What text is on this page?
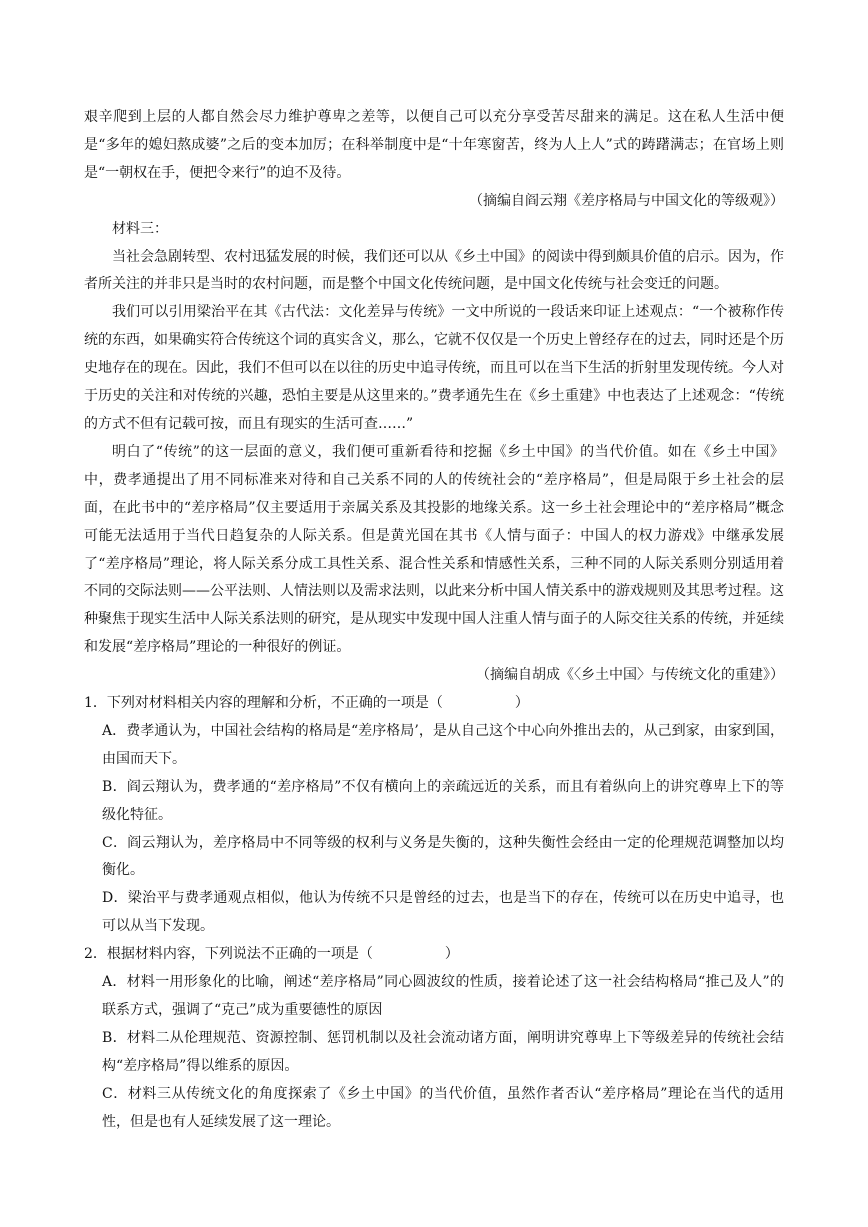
艰辛爬到上层的人都自然会尽力维护尊卑之差等，以便自己可以充分享受苦尽甜来的满足。这在私人生活中便是“多年的媳妇熬成婆”之后的变本加厉；在科举制度中是“十年寒窗苦，终为人上人”式的踌躇满志；在官场上则是“一朝权在手，便把令来行”的迫不及待。

（摘编自阎云翔《差序格局与中国文化的等级观》）

材料三：

当社会急剧转型、农村迅猛发展的时候，我们还可以从《乡土中国》的阅读中得到颇具价值的启示。因为，作者所关注的并非只是当时的农村问题，而是整个中国文化传统问题，是中国文化传统与社会变迁的问题。

我们可以引用梁治平在其《古代法：文化差异与传统》一文中所说的一段话来印证上述观点：“一个被称作传统的东西，如果确实符合传统这个词的真实含义，那么，它就不仅仅是一个历史上曾经存在的过去，同时还是个历史地存在的现在。因此，我们不但可以在以往的历史中追寻传统，而且可以在当下生活的折射里发现传统。今人对于历史的关注和对传统的兴趣，恐怕主要是从这里来的。”费孝通先生在《乡土重建》中也表达了上述观念：“传统的方式不但有记载可按，而且有现实的生活可查……”

明白了“传统”的这一层面的意义，我们便可重新看待和挖掘《乡土中国》的当代价值。如在《乡土中国》中，费孝通提出了用不同标准来对待和自己关系不同的人的传统社会的“差序格局”，但是局限于乡土社会的层面，在此书中的“差序格局”仅主要适用于亲属关系及其投影的地缘关系。这一乡土社会理论中的“差序格局”概念可能无法适用于当代日趋复杂的人际关系。但是黄光国在其书《人情与面子：中国人的权力游戏》中继承发展了“差序格局”理论，将人际关系分成工具性关系、混合性关系和情感性关系，三种不同的人际关系则分别适用着不同的交际法则——公平法则、人情法则以及需求法则，以此来分析中国人情关系中的游戏规则及其思考过程。这种聚焦于现实生活中人际关系法则的研究，是从现实中发现中国人注重人情与面子的人际交往关系的传统，并延续和发展“差序格局”理论的一种很好的例证。

（摘编自胡成《〈乡土中国〉与传统文化的重建》）

1．下列对材料相关内容的理解和分析，不正确的一项是（	）

A．费孝通认为，中国社会结构的格局是“差序格局’，是从自己这个中心向外推出去的，从己到家，由家到国，由国而天下。

B．阎云翔认为，费孝通的“差序格局”不仅有横向上的亲疏远近的关系，而且有着纵向上的讲究尊卑上下的等级化特征。

C．阎云翔认为，差序格局中不同等级的权利与义务是失衡的，这种失衡性会经由一定的伦理规范调整加以均衡化。

D．梁治平与费孝通观点相似，他认为传统不只是曾经的过去，也是当下的存在，传统可以在历史中追寻，也可以从当下发现。

2．根据材料内容，下列说法不正确的一项是（	）

A．材料一用形象化的比喻，阐述“差序格局”同心圆波纹的性质，接着论述了这一社会结构格局“推己及人”的联系方式，强调了“克己”成为重要德性的原因

B．材料二从伦理规范、资源控制、惩罚机制以及社会流动诸方面，阐明讲究尊卑上下等级差异的传统社会结构“差序格局”得以维系的原因。

C．材料三从传统文化的角度探索了《乡土中国》的当代价值，虽然作者否认“差序格局”理论在当代的适用性，但是也有人延续发展了这一理论。
